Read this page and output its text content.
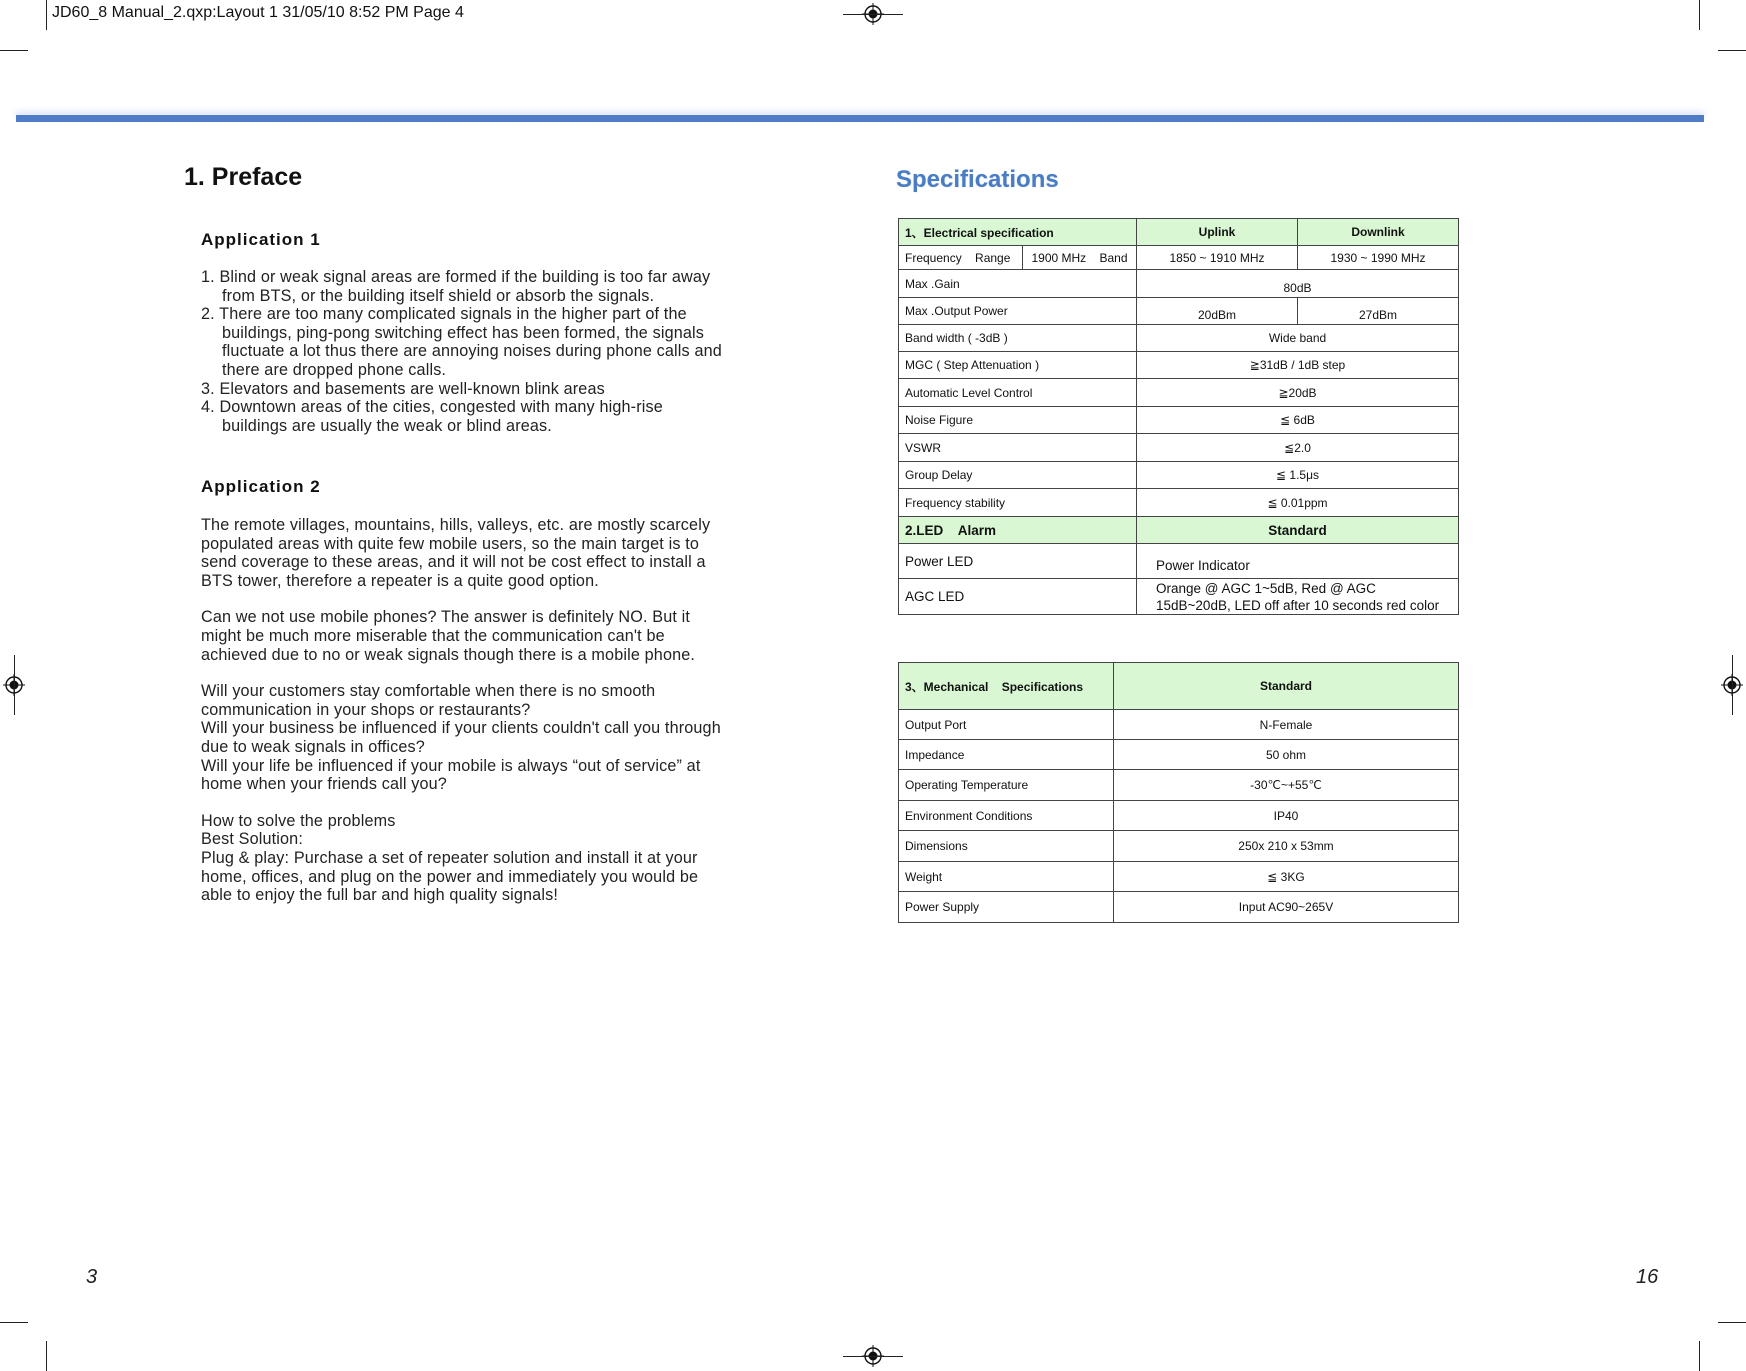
JD60_8 Manual_2.qxp:Layout 1 31/05/10 8:52 PM Page 4
1. Preface
Application 1
1. Blind or weak signal areas are formed if the building is too far away from BTS, or the building itself shield or absorb the signals.
2. There are too many complicated signals in the higher part of the buildings, ping-pong switching effect has been formed, the signals fluctuate a lot thus there are annoying noises during phone calls and there are dropped phone calls.
3. Elevators and basements are well-known blink areas
4. Downtown areas of the cities, congested with many high-rise buildings are usually the weak or blind areas.
Application 2

The remote villages, mountains, hills, valleys, etc. are mostly scarcely populated areas with quite few mobile users, so the main target is to send coverage to these areas, and it will not be cost effect to install a BTS tower, therefore a repeater is a quite good option.

Can we not use mobile phones? The answer is definitely NO. But it might be much more miserable that the communication can't be achieved due to no or weak signals though there is a mobile phone.

Will your customers stay comfortable when there is no smooth communication in your shops or restaurants?

Will your business be influenced if your clients couldn't call you through due to weak signals in offices?

Will your life be influenced if your mobile is always “out of service” at home when your friends call you?

How to solve the problems

Best Solution:

Plug & play: Purchase a set of repeater solution and install it at your home, offices, and plug on the power and immediately you would be able to enjoy the full bar and high quality signals!

3
Specifications
1、Electrical specification		Uplink	Downlink
Frequency    Range	1900 MHz    Band	1850 ~ 1910 MHz	1930 ~ 1990 MHz
Max .Gain		80dB	
Max .Output Power		20dBm	27dBm
Band width ( -3dB )		Wide band	
MGC ( Step Attenuation )		≧31dB / 1dB step	
Automatic Level Control		≧20dB	
Noise Figure		≦ 6dB	
VSWR		≦2.0	
Group Delay		≦ 1.5μs	
Frequency stability		≦ 0.01ppm	
2.LED    Alarm		Standard	
Power LED		Power Indicator	
AGC LED		Orange @ AGC 1~5dB, Red @ AGC 15dB~20dB, LED off after 10 seconds red color	
3、Mechanical    Specifications	Standard
Output Port	N-Female
Impedance	50 ohm
Operating Temperature	-30℃~+55℃
Environment Conditions	IP40
Dimensions	250x 210 x 53mm
Weight	≦ 3KG
Power Supply	Input AC90~265V
16
